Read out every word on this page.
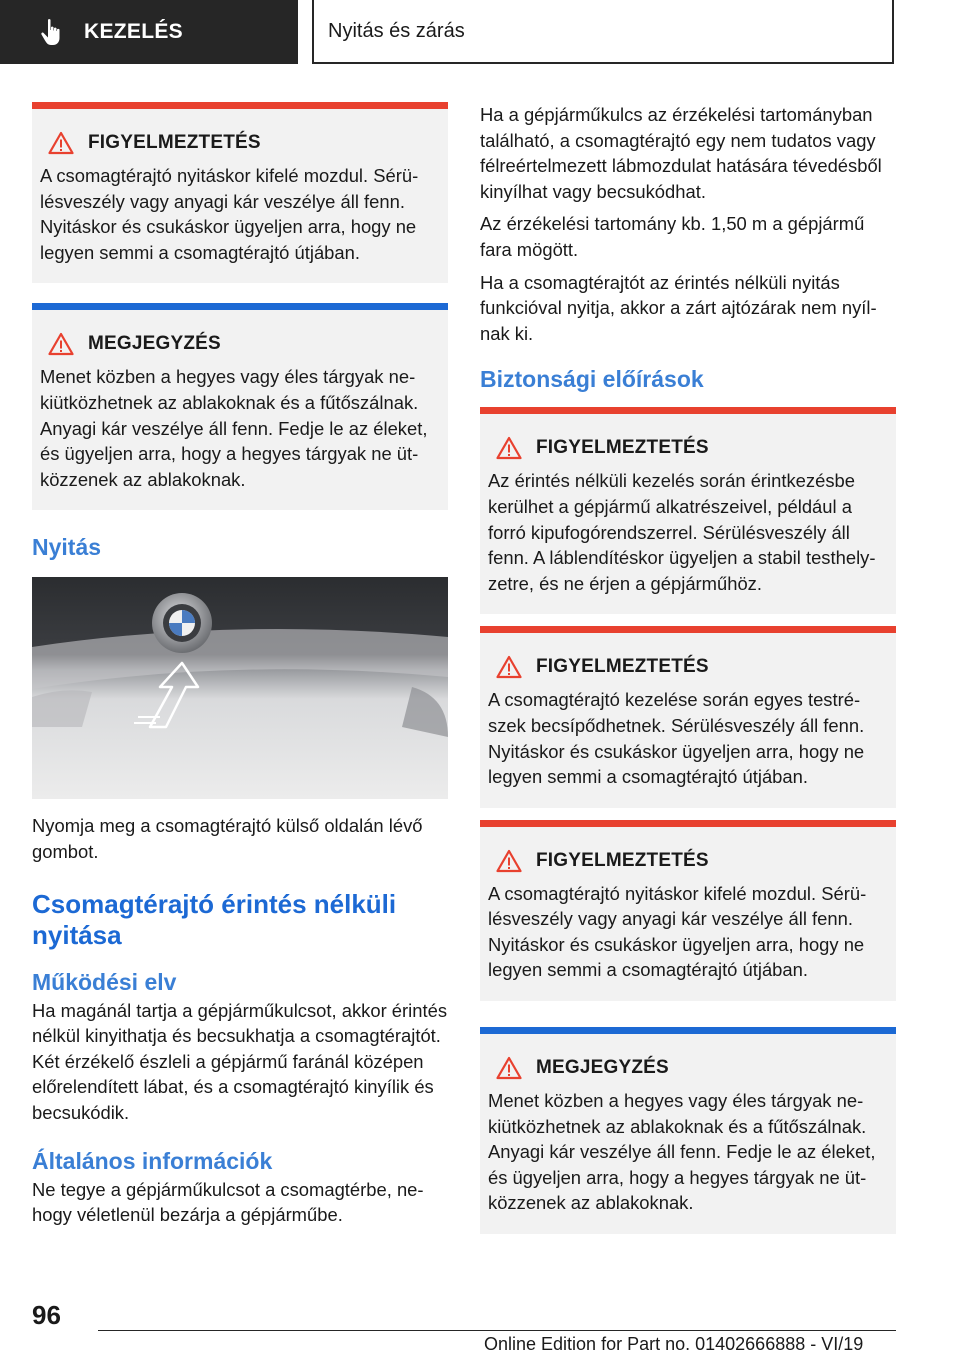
KEZELÉS	Nyitás és zárás
FIGYELMEZTETÉS

A csomagtérajtó nyitáskor kifelé mozdul. Sérülésveszély vagy anyagi kár veszélye áll fenn. Nyitáskor és csukáskor ügyeljen arra, hogy ne legyen semmi a csomagtérajtó útjában.

MEGJEGYZÉS

Menet közben a hegyes vagy éles tárgyak nekiütközhetnek az ablakoknak és a fűtőszálnak. Anyagi kár veszélye áll fenn. Fedje le az éleket, és ügyeljen arra, hogy a hegyes tárgyak ne ütközzenek az ablakoknak.

Nyitás

Nyomja meg a csomagtérajtó külső oldalán lévő gombot.

Csomagtérajtó érintés nélküli nyitása
Működési elv

Ha magánál tartja a gépjárműkulcsot, akkor érintés nélkül kinyithatja és becsukhatja a csomagtérajtót. Két érzékelő észleli a gépjármű faránál középen előrelendített lábat, és a csomagtérajtó kinyílik és becsukódik.

Általános információk

Ne tegye a gépjárműkulcsot a csomagtérbe, nehogy véletlenül bezárja a gépjárműbe.

Ha a gépjárműkulcs az érzékelési tartományban található, a csomagtérajtó egy nem tudatos vagy félreértelmezett lábmozdulat hatására tévedésből kinyílhat vagy becsukódhat.

Az érzékelési tartomány kb. 1,50 m a gépjármű fara mögött.

Ha a csomagtérajtót az érintés nélküli nyitás funkcióval nyitja, akkor a zárt ajtózárak nem nyílnak ki.

Biztonsági előírások
FIGYELMEZTETÉS

Az érintés nélküli kezelés során érintkezésbe kerülhet a gépjármű alkatrészeivel, például a forró kipufogórendszerrel. Sérülésveszély áll fenn. A láblendítéskor ügyeljen a stabil testhelyzetre, és ne érjen a gépjárműhöz.

FIGYELMEZTETÉS

A csomagtérajtó kezelése során egyes testrészek becsípődhetnek. Sérülésveszély áll fenn. Nyitáskor és csukáskor ügyeljen arra, hogy ne legyen semmi a csomagtérajtó útjában.

FIGYELMEZTETÉS

A csomagtérajtó nyitáskor kifelé mozdul. Sérülésveszély vagy anyagi kár veszélye áll fenn. Nyitáskor és csukáskor ügyeljen arra, hogy ne legyen semmi a csomagtérajtó útjában.

MEGJEGYZÉS

Menet közben a hegyes vagy éles tárgyak nekiütközhetnek az ablakoknak és a fűtőszálnak. Anyagi kár veszélye áll fenn. Fedje le az éleket, és ügyeljen arra, hogy a hegyes tárgyak ne ütközzenek az ablakoknak.

96
Online Edition for Part no. 01402666888 - VI/19
